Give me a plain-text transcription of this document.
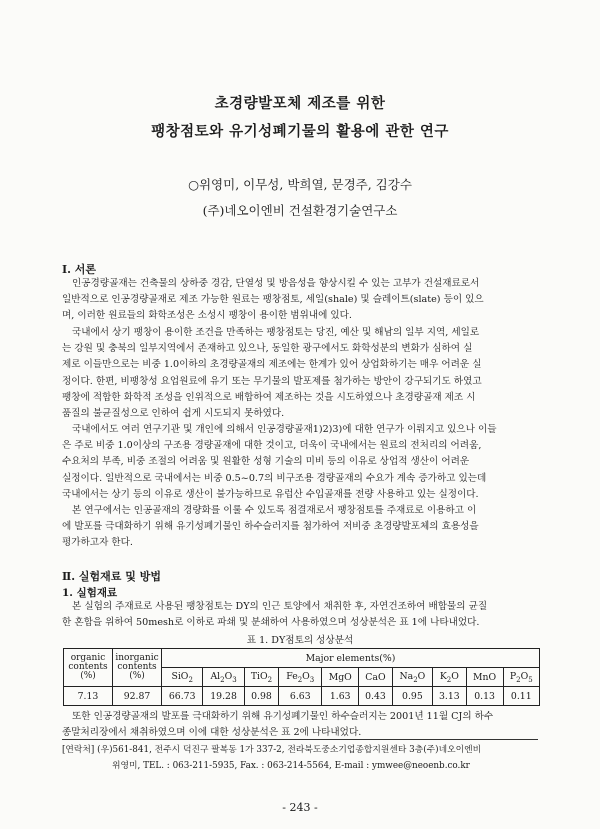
초경량발포체 제조를 위한
팽창점토와 유기성폐기물의 활용에 관한 연구
○위영미, 이무성, 박희열, 문경주, 김강수
(주)네오이엔비 건설환경기술연구소
Ⅰ. 서론
인공경량골재는 건축물의 상하중 경감, 단열성 및 방음성을 향상시킬 수 있는 고부가 건설재료로서
일반적으로 인공경량골재로 제조 가능한 원료는 팽창점토, 세일(shale) 및 슬레이트(slate) 등이 있으
며, 이러한 원료들의 화학조성은 소성시 팽창이 용이한 범위내에 있다.
국내에서 상기 팽창이 용이한 조건을 만족하는 팽창점토는 당진, 예산 및 해남의 일부 지역, 세일로
는 강원 및 충북의 일부지역에서 존재하고 있으나, 동일한 광구에서도 화학성분의 변화가 심하여 실
제로 이들만으로는 비중 1.0이하의 초경량골재의 제조에는 한계가 있어 상업화하기는 매우 어려운 실
정이다. 한편, 비팽창성 요업원료에 유기 또는 무기물의 발포제를 첨가하는 방안이 강구되기도 하였고
팽창에 적합한 화학적 조성을 인위적으로 배합하여 제조하는 것을 시도하였으나 초경량골재 제조 시
품질의 불균질성으로 인하여 쉽게 시도되지 못하였다.
국내에서도 여러 연구기관 및 개인에 의해서 인공경량골재1)2)3)에 대한 연구가 이뤄지고 있으나 이들
은 주로 비중 1.0이상의 구조용 경량골재에 대한 것이고, 더욱이 국내에서는 원료의 전처리의 어려움,
수요처의 부족, 비중 조절의 어려움 및 원활한 성형 기술의 미비 등의 이유로 상업적 생산이 어려운
실정이다. 일반적으로 국내에서는 비중 0.5~0.7의 비구조용 경량골재의 수요가 계속 증가하고 있는데
국내에서는 상기 등의 이유로 생산이 불가능하므로 유럽산 수입골재를 전량 사용하고 있는 실정이다.
본 연구에서는 인공골재의 경량화를 이룰 수 있도록 점결재로서 팽창점토를 주재료로 이용하고 이
에 발포를 극대화하기 위해 유기성폐기물인 하수슬러지를 첨가하여 저비중 초경량발포체의 효용성을
평가하고자 한다.
Ⅱ. 실험재료 및 방법
1. 실험재료
본 실험의 주재료로 사용된 팽창점토는 DY의 인근 토양에서 채취한 후, 자연건조하여 배합물의 균질
한 혼합을 위하여 50mesh로 이하로 파쇄 및 분쇄하여 사용하였으며 성상분석은 표 1에 나타내었다.
표 1. DY점토의 성상분석
organic contents (%)	inorganic contents (%)	Major elements(%)									
		SiO$_2$	$Al_2O_3$	TiO$_2$	$Fe_2O_3$	MgO	CaO	$Na_2O$	$K_2O$	MnO	$P_2O_5$
7.13	92.87	66.73	19.28	0.98	6.63	1.63	0.43	0.95	3.13	0.13	0.11
또한 인공경량골재의 발포를 극대화하기 위해 유기성폐기물인 하수슬러지는 2001년 11월 CJ의 하수
종말처리장에서 채취하였으며 이에 대한 성상분석은 표 2에 나타내었다.
[연락처] (우)561-841, 전주시 덕진구 팔복동 1가 337-2, 전라북도중소기업종합지원센타 3층(주)네오이엔비
위영미, TEL. : 063-211-5935, Fax. : 063-214-5564, E-mail : ymwee@neoenb.co.kr
- 243 -
